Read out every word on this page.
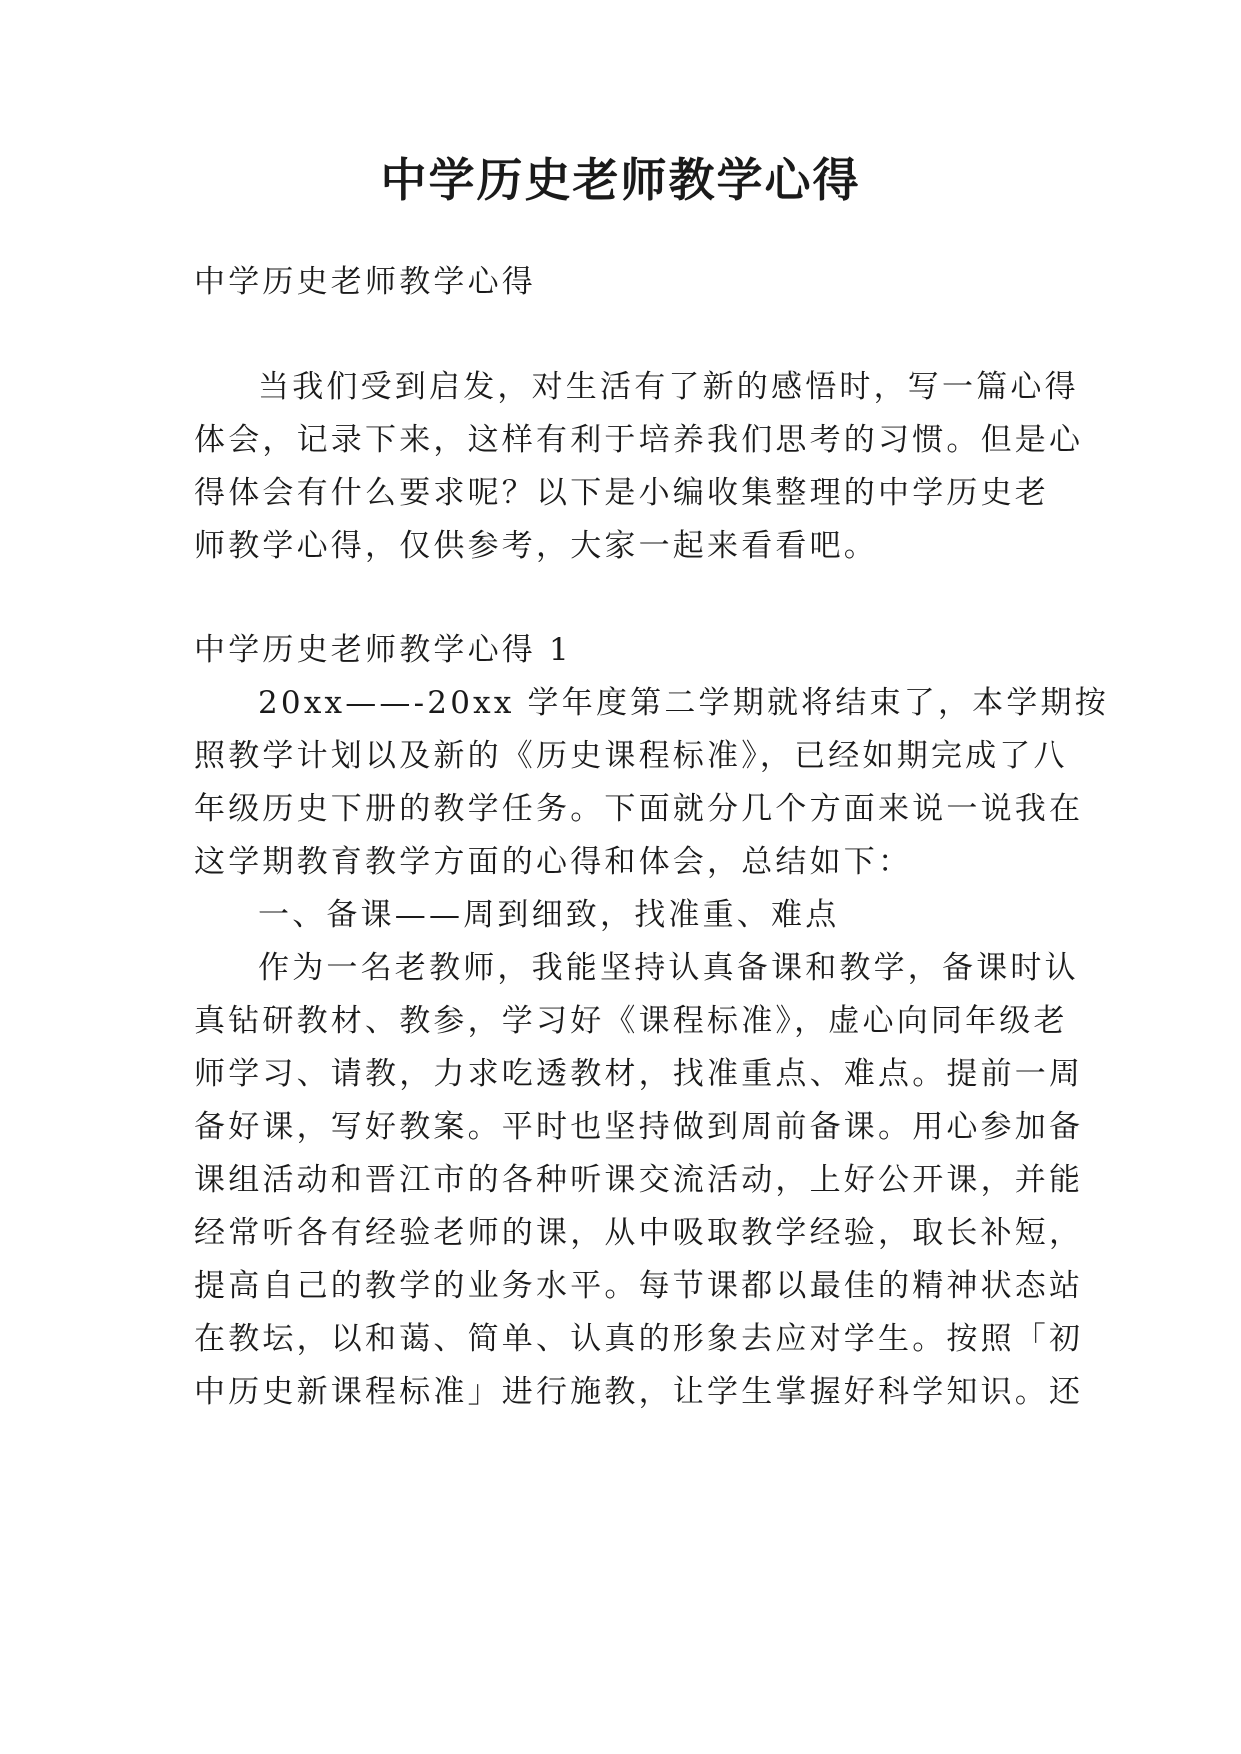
中学历史老师教学心得

中学历史老师教学心得

当我们受到启发，对生活有了新的感悟时，写一篇心得

体会，记录下来，这样有利于培养我们思考的习惯。但是心

得体会有什么要求呢？以下是小编收集整理的中学历史老

师教学心得，仅供参考，大家一起来看看吧。

中学历史老师教学心得 1

20xx——-20xx 学年度第二学期就将结束了，本学期按

照教学计划以及新的《历史课程标准》，已经如期完成了八

年级历史下册的教学任务。下面就分几个方面来说一说我在

这学期教育教学方面的心得和体会，总结如下：

一、备课——周到细致，找准重、难点

作为一名老教师，我能坚持认真备课和教学，备课时认

真钻研教材、教参，学习好《课程标准》，虚心向同年级老

师学习、请教，力求吃透教材，找准重点、难点。提前一周

备好课，写好教案。平时也坚持做到周前备课。用心参加备

课组活动和晋江市的各种听课交流活动，上好公开课，并能

经常听各有经验老师的课，从中吸取教学经验，取长补短，

提高自己的教学的业务水平。每节课都以最佳的精神状态站

在教坛，以和蔼、简单、认真的形象去应对学生。按照「初

中历史新课程标准」进行施教，让学生掌握好科学知识。还
